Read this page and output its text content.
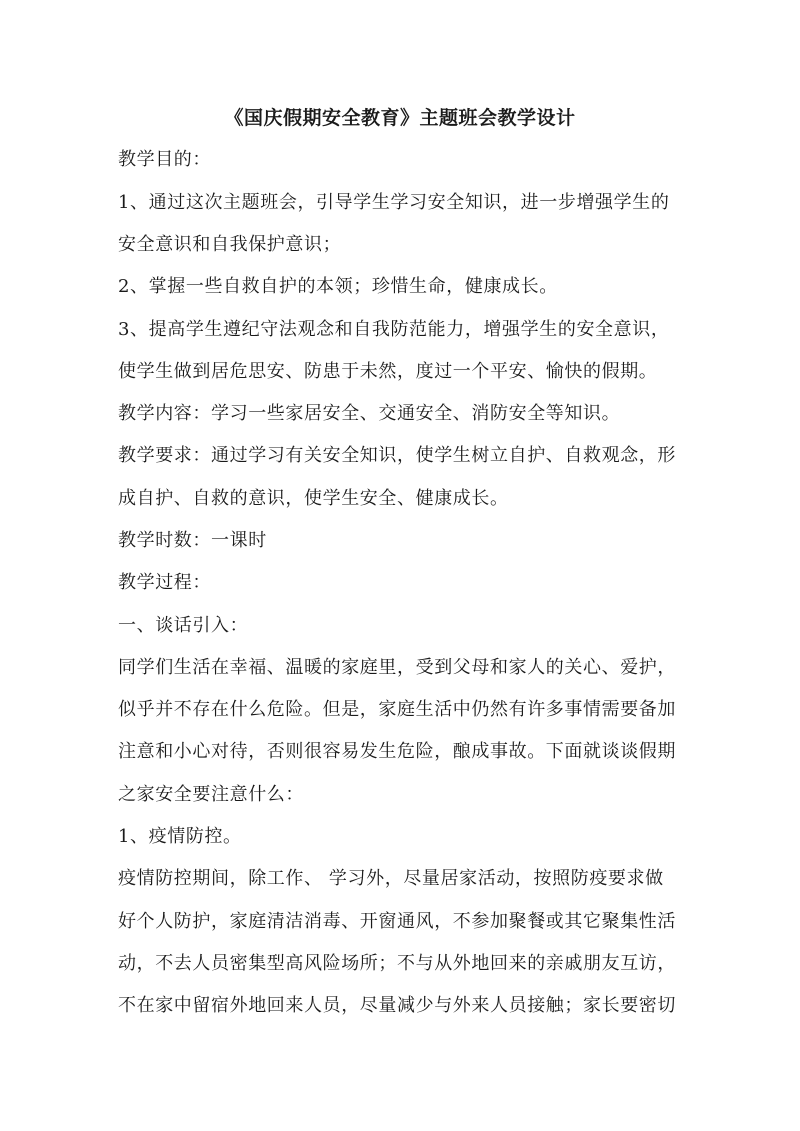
《国庆假期安全教育》主题班会教学设计
教学目的：
1、通过这次主题班会，引导学生学习安全知识，进一步增强学生的
安全意识和自我保护意识；
2、掌握一些自救自护的本领；珍惜生命，健康成长。
3、提高学生遵纪守法观念和自我防范能力，增强学生的安全意识，
使学生做到居危思安、防患于未然，度过一个平安、愉快的假期。
教学内容：学习一些家居安全、交通安全、消防安全等知识。
教学要求：通过学习有关安全知识，使学生树立自护、自救观念，形
成自护、自救的意识，使学生安全、健康成长。
教学时数：一课时
教学过程：
一、谈话引入：
同学们生活在幸福、温暖的家庭里，受到父母和家人的关心、爱护，
似乎并不存在什么危险。但是，家庭生活中仍然有许多事情需要备加
注意和小心对待，否则很容易发生危险，酿成事故。下面就谈谈假期
之家安全要注意什么：
1、疫情防控。
疫情防控期间，除工作、 学习外，尽量居家活动，按照防疫要求做
好个人防护，家庭清洁消毒、开窗通风，不参加聚餐或其它聚集性活
动，不去人员密集型高风险场所；不与从外地回来的亲戚朋友互访，
不在家中留宿外地回来人员，尽量减少与外来人员接触；家长要密切
